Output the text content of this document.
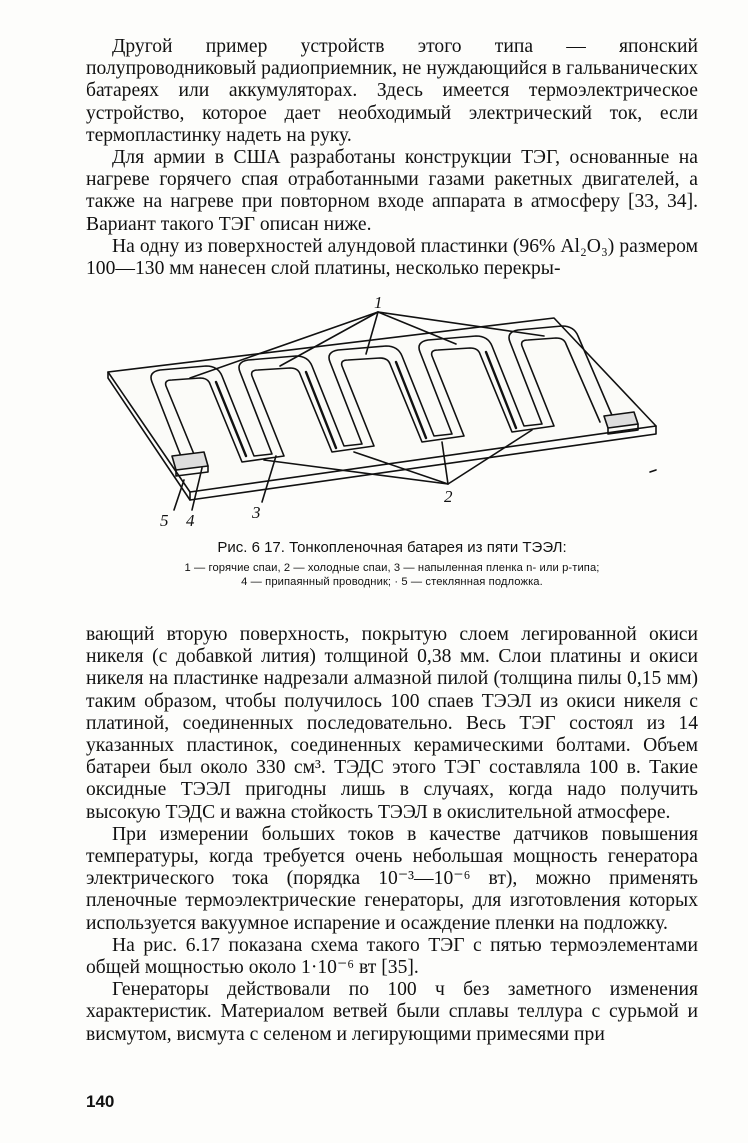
Другой пример устройств этого типа — японский полупроводниковый радиоприемник, не нуждающийся в гальванических батареях или аккумуляторах. Здесь имеется термоэлектрическое устройство, которое дает необходимый электрический ток, если термопластинку надеть на руку.

Для армии в США разработаны конструкции ТЭГ, основанные на нагреве горячего спая отработанными газами ракетных двигателей, а также на нагреве при повторном входе аппарата в атмосферу [33, 34]. Вариант такого ТЭГ описан ниже.

На одну из поверхностей алундовой пластинки (96% Al₂O₃) размером 100—130 мм нанесен слой платины, несколько перекры-

1
2
3
4
5
Рис. 6 17. Тонкопленочная батарея из пяти ТЭЭЛ:
1 — горячие спаи, 2 — холодные спаи, 3 — напыленная пленка n- или p-типа;
4 — припаянный проводник; · 5 — стеклянная подложка.

вающий вторую поверхность, покрытую слоем легированной окиси никеля (с добавкой лития) толщиной 0,38 мм. Слои платины и окиси никеля на пластинке надрезали алмазной пилой (толщина пилы 0,15 мм) таким образом, чтобы получилось 100 спаев ТЭЭЛ из окиси никеля с платиной, соединенных последовательно. Весь ТЭГ состоял из 14 указанных пластинок, соединенных керамическими болтами. Объем батареи был около 330 см³. ТЭДС этого ТЭГ составляла 100 в. Такие оксидные ТЭЭЛ пригодны лишь в случаях, когда надо получить высокую ТЭДС и важна стойкость ТЭЭЛ в окислительной атмосфере.

При измерении больших токов в качестве датчиков повышения температуры, когда требуется очень небольшая мощность генератора электрического тока (порядка 10⁻³—10⁻⁶ вт), можно применять пленочные термоэлектрические генераторы, для изготовления которых используется вакуумное испарение и осаждение пленки на подложку.

На рис. 6.17 показана схема такого ТЭГ с пятью термоэлементами общей мощностью около 1·10⁻⁶ вт [35].

Генераторы действовали по 100 ч без заметного изменения характеристик. Материалом ветвей были сплавы теллура с сурьмой и висмутом, висмута с селеном и легирующими примесями при

140
